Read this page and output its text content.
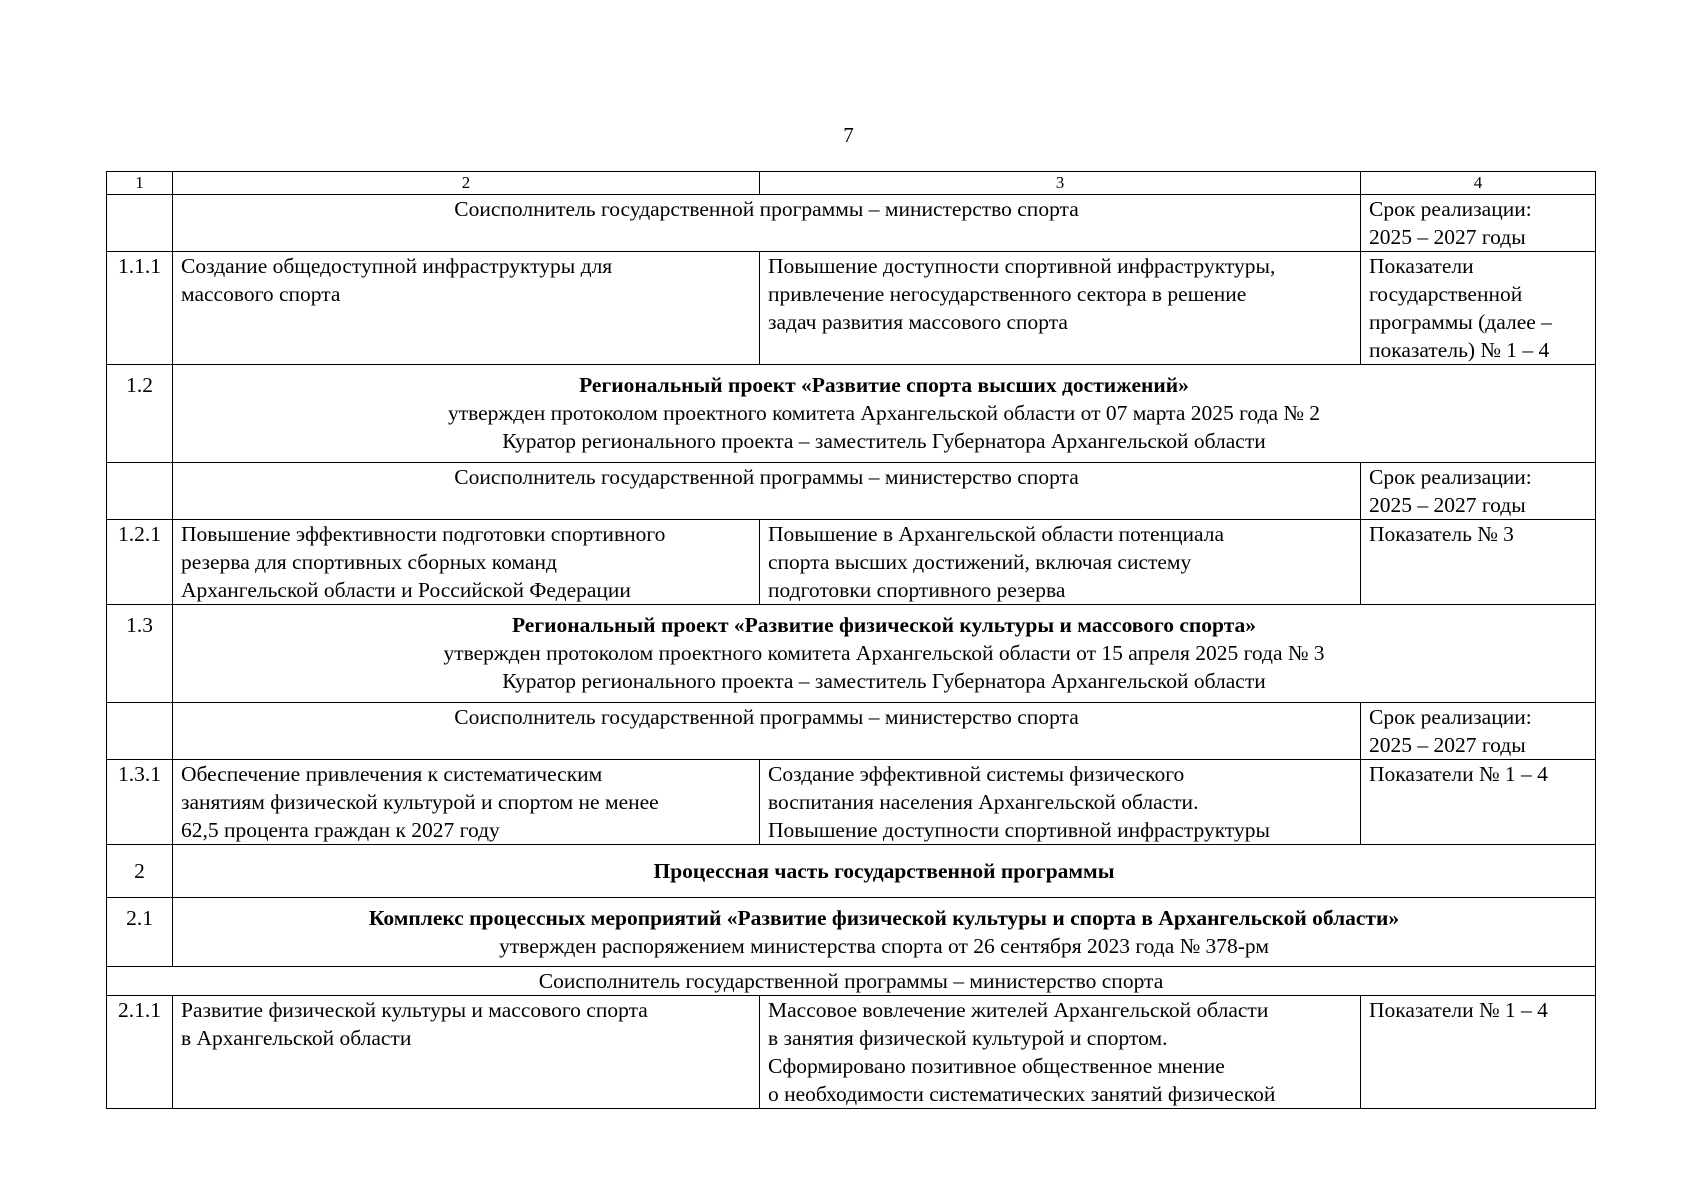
7
1	2	3	4
	Соисполнитель государственной программы – министерство спорта		Срок реализации:
2025 – 2027 годы

1.1.1	Создание общедоступной инфраструктуры для
массового спорта	Повышение доступности спортивной инфраструктуры,
привлечение негосударственного сектора в решение
задач развития массового спорта	Показатели
государственной
программы (далее –
показатель) № 1 – 4

1.2	Региональный проект «Развитие спорта высших достижений»
утвержден протоколом проектного комитета Архангельской области от 07 марта 2025 года № 2
Куратор регионального проекта – заместитель Губернатора Архангельской области		

	Соисполнитель государственной программы – министерство спорта		Срок реализации:
2025 – 2027 годы

1.2.1	Повышение эффективности подготовки спортивного
резерва для спортивных сборных команд
Архангельской области и Российской Федерации	Повышение в Архангельской области потенциала
спорта высших достижений, включая систему
подготовки спортивного резерва	Показатель № 3

1.3	Региональный проект «Развитие физической культуры и массового спорта»
утвержден протоколом проектного комитета Архангельской области от 15 апреля 2025 года № 3
Куратор регионального проекта – заместитель Губернатора Архангельской области		

	Соисполнитель государственной программы – министерство спорта		Срок реализации:
2025 – 2027 годы

1.3.1	Обеспечение привлечения к систематическим
занятиям физической культурой и спортом не менее
62,5 процента граждан к 2027 году	Создание эффективной системы физического
воспитания населения Архангельской области.
Повышение доступности спортивной инфраструктуры	Показатели № 1 – 4

2	Процессная часть государственной программы		
2.1	Комплекс процессных мероприятий «Развитие физической культуры и спорта в Архангельской области»
утвержден распоряжением министерства спорта от 26 сентября 2023 года № 378-рм		

Соисполнитель государственной программы – министерство спорта			
2.1.1	Развитие физической культуры и массового спорта
в Архангельской области	Массовое вовлечение жителей Архангельской области
в занятия физической культурой и спортом.
Сформировано позитивное общественное мнение
о необходимости систематических занятий физической	Показатели № 1 – 4
